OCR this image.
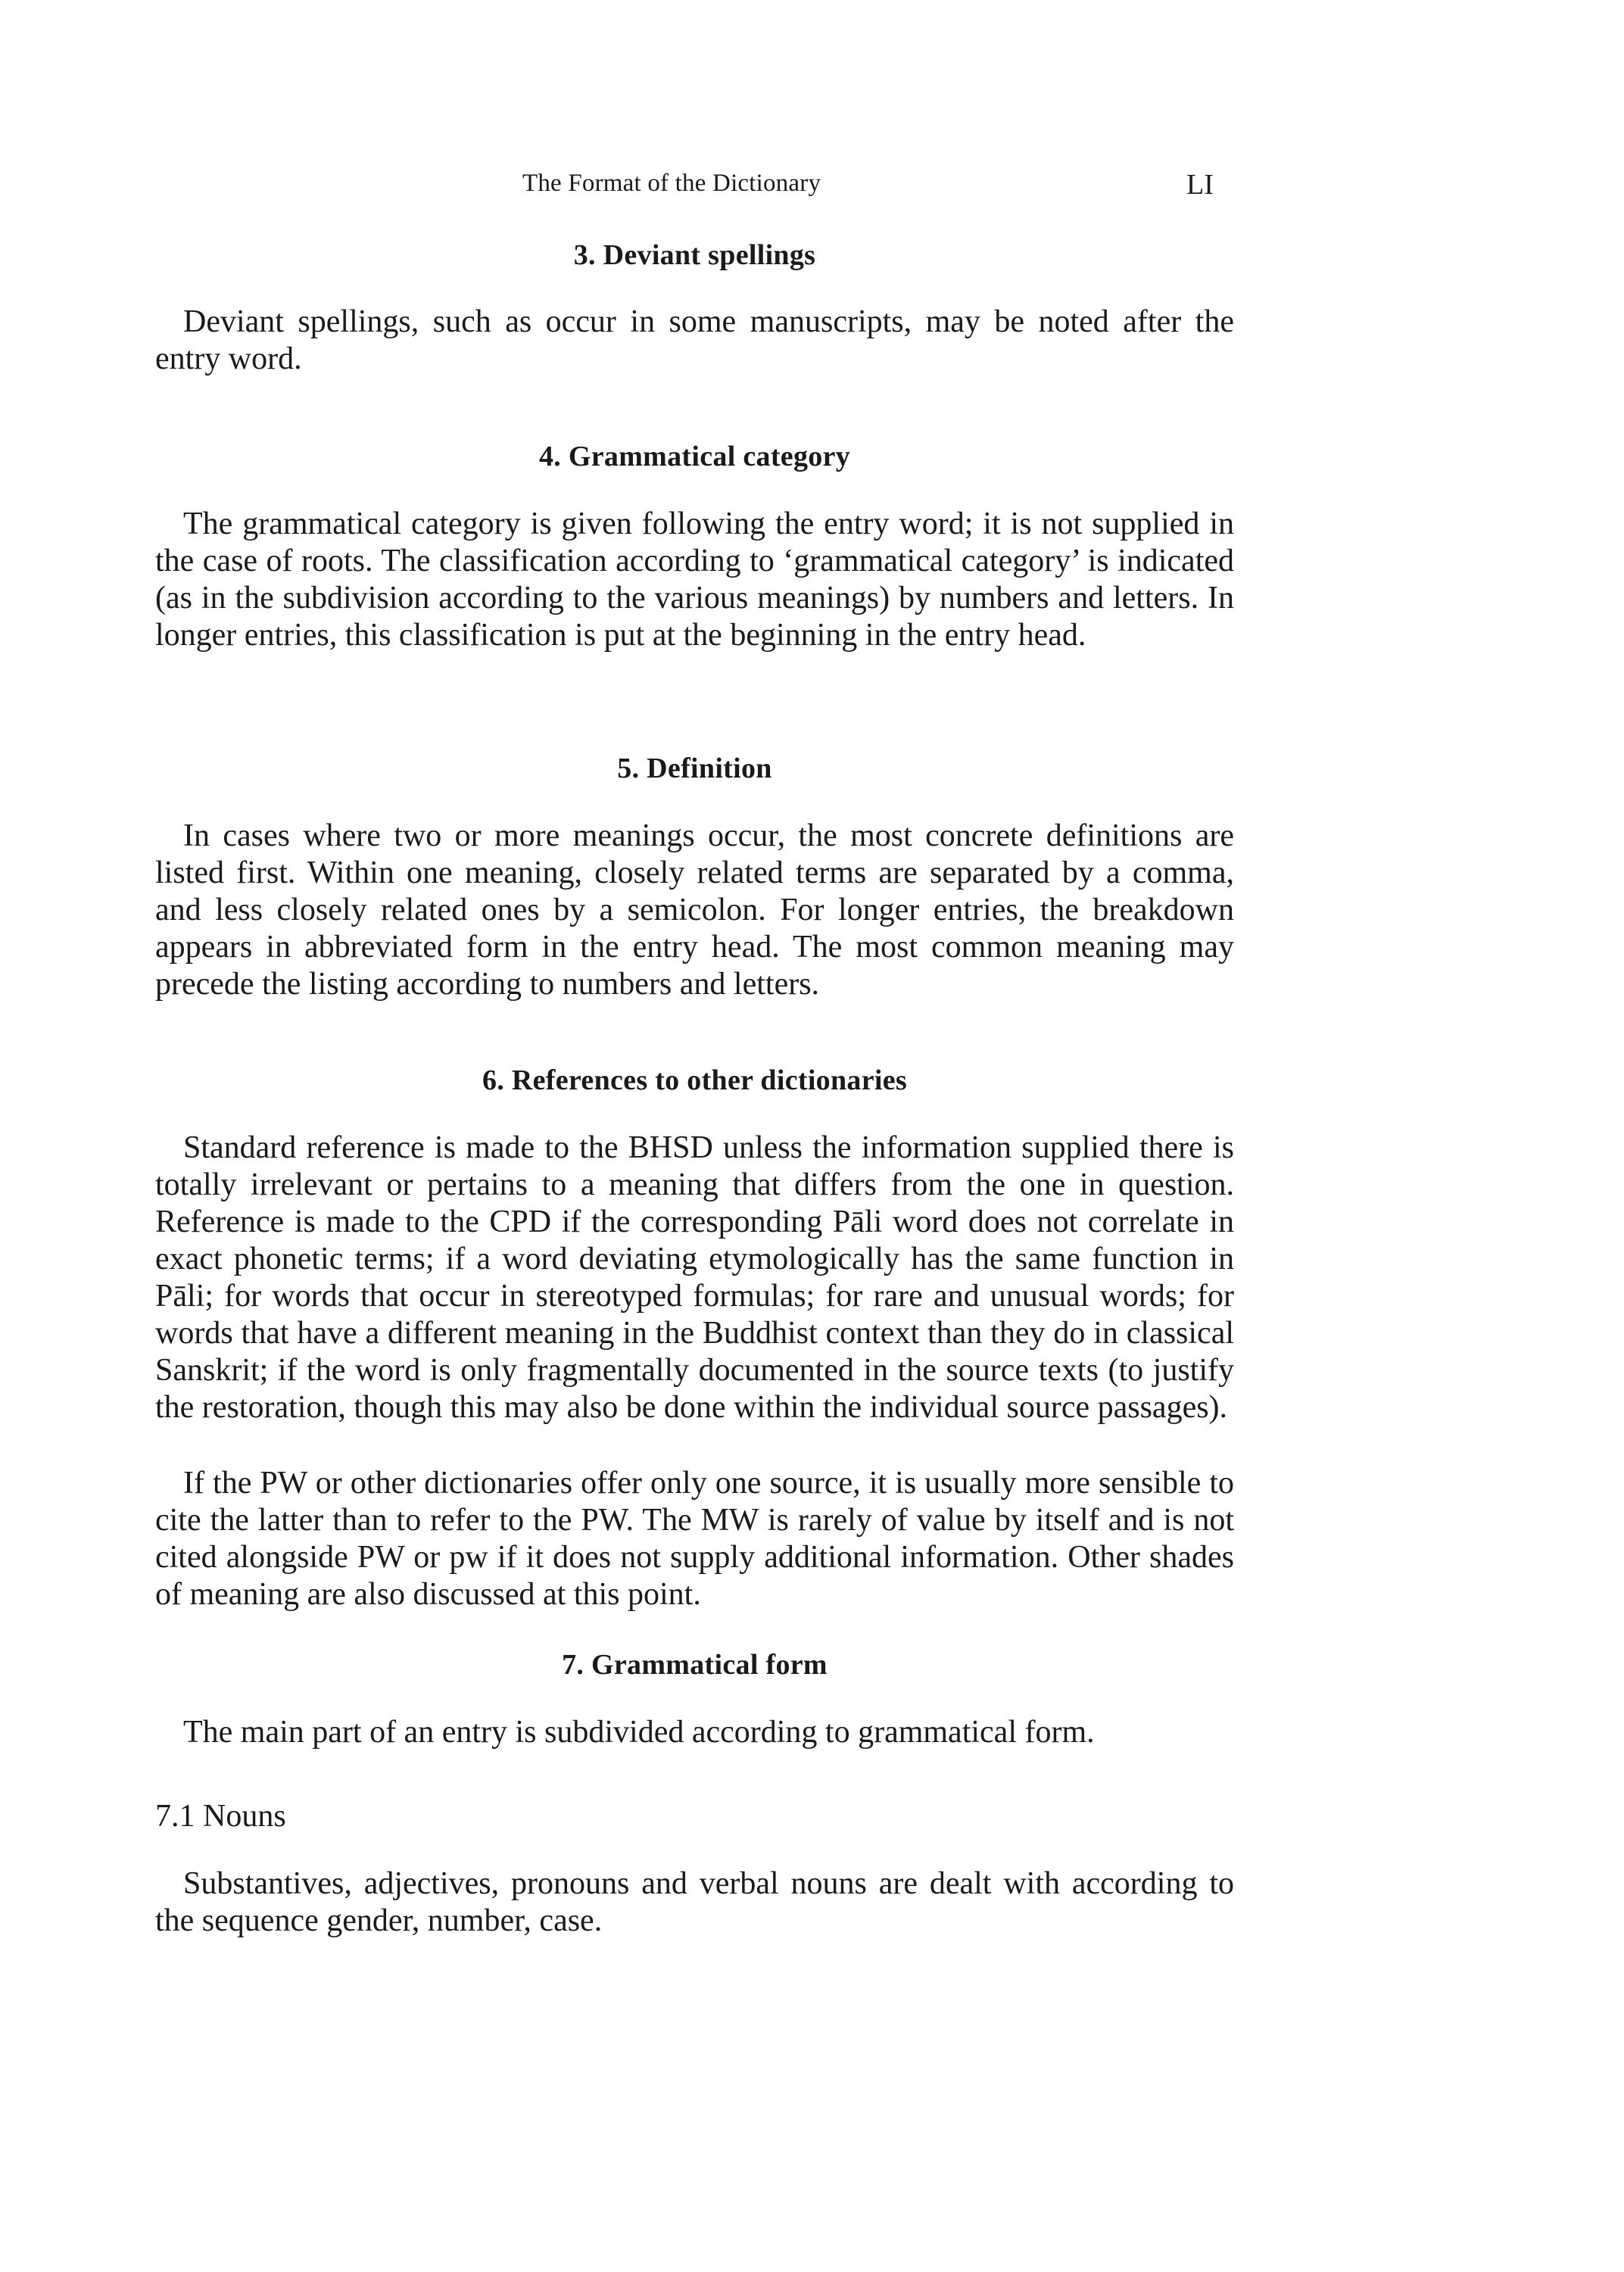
The Format of the Dictionary	LI
3. Deviant spellings

Deviant spellings, such as occur in some manuscripts, may be noted after the entry word.

4. Grammatical category

The grammatical category is given following the entry word; it is not supplied in the case of roots. The classification according to ‘grammatical category’ is indicated (as in the subdivision according to the various meanings) by numbers and letters. In longer entries, this classification is put at the beginning in the entry head.

5. Definition

In cases where two or more meanings occur, the most concrete definitions are listed first. Within one meaning, closely related terms are separated by a comma, and less closely related ones by a semicolon. For longer entries, the breakdown appears in abbreviated form in the entry head. The most common meaning may precede the listing according to numbers and letters.

6. References to other dictionaries

Standard reference is made to the BHSD unless the information supplied there is totally irrelevant or pertains to a meaning that differs from the one in question. Reference is made to the CPD if the corresponding Pāli word does not correlate in exact phonetic terms; if a word deviating etymologically has the same function in Pāli; for words that occur in stereotyped formulas; for rare and unusual words; for words that have a different meaning in the Buddhist context than they do in classical Sanskrit; if the word is only fragmentally documented in the source texts (to justify the restoration, though this may also be done within the individual source passages).

If the PW or other dictionaries offer only one source, it is usually more sensible to cite the latter than to refer to the PW. The MW is rarely of value by itself and is not cited alongside PW or pw if it does not supply additional information. Other shades of meaning are also discussed at this point.

7. Grammatical form

The main part of an entry is subdivided according to grammatical form.

7.1 Nouns

Substantives, adjectives, pronouns and verbal nouns are dealt with according to the sequence gender, number, case.
